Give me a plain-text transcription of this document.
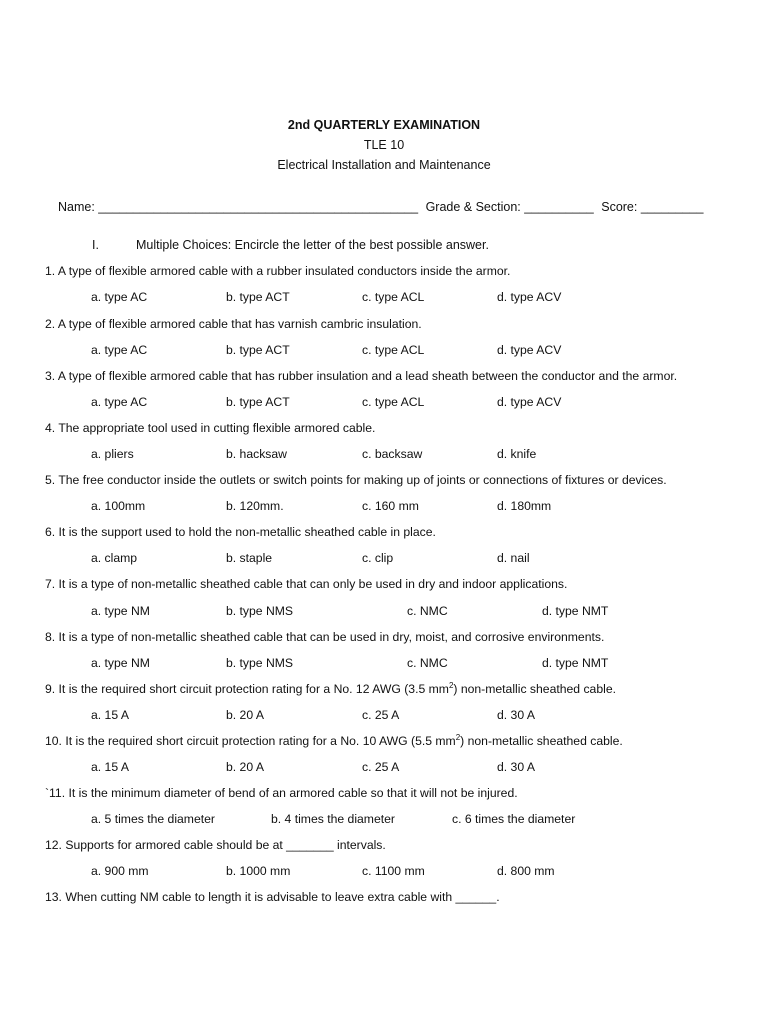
2nd QUARTERLY EXAMINATION
TLE 10
Electrical Installation and Maintenance
Name: ______________________________________________ Grade & Section: __________ Score: _________
I.	Multiple Choices: Encircle the letter of the best possible answer.
1. A type of flexible armored cable with a rubber insulated conductors inside the armor.
a. type AC	b. type ACT	c. type ACL	d. type ACV
2. A type of flexible armored cable that has varnish cambric insulation.
a. type AC	b. type ACT	c. type ACL	d. type ACV
3. A type of flexible armored cable that has rubber insulation and a lead sheath between the conductor and the armor.
a. type AC	b. type ACT	c. type ACL	d. type ACV
4. The appropriate tool used in cutting flexible armored cable.
a. pliers	b. hacksaw	c. backsaw	d. knife
5. The free conductor inside the outlets or switch points for making up of joints or connections of fixtures or devices.
a. 100mm	b. 120mm.	c. 160 mm	d. 180mm
6. It is the support used to hold the non-metallic sheathed cable in place.
a. clamp	b. staple	c. clip	d. nail
7. It is a type of non-metallic sheathed cable that can only be used in dry and indoor applications.
a. type NM	b. type NMS	c. NMC	d. type NMT
8. It is a type of non-metallic sheathed cable that can be used in dry, moist, and corrosive environments.
a. type NM	b. type NMS	c. NMC	d. type NMT
9. It is the required short circuit protection rating for a No. 12 AWG (3.5 $mm^2$) non-metallic sheathed cable.
a. 15 A	b. 20 A	c. 25 A	d. 30 A
10. It is the required short circuit protection rating for a No. 10 AWG (5.5 $mm^2$) non-metallic sheathed cable.
a. 15 A	b. 20 A	c. 25 A	d. 30 A
`11. It is the minimum diameter of bend of an armored cable so that it will not be injured.
a. 5 times the diameter	b. 4 times the diameter	c. 6 times the diameter
12. Supports for armored cable should be at _______ intervals.
a. 900 mm	b. 1000 mm	c. 1100 mm	d. 800 mm
13. When cutting NM cable to length it is advisable to leave extra cable with ______.
